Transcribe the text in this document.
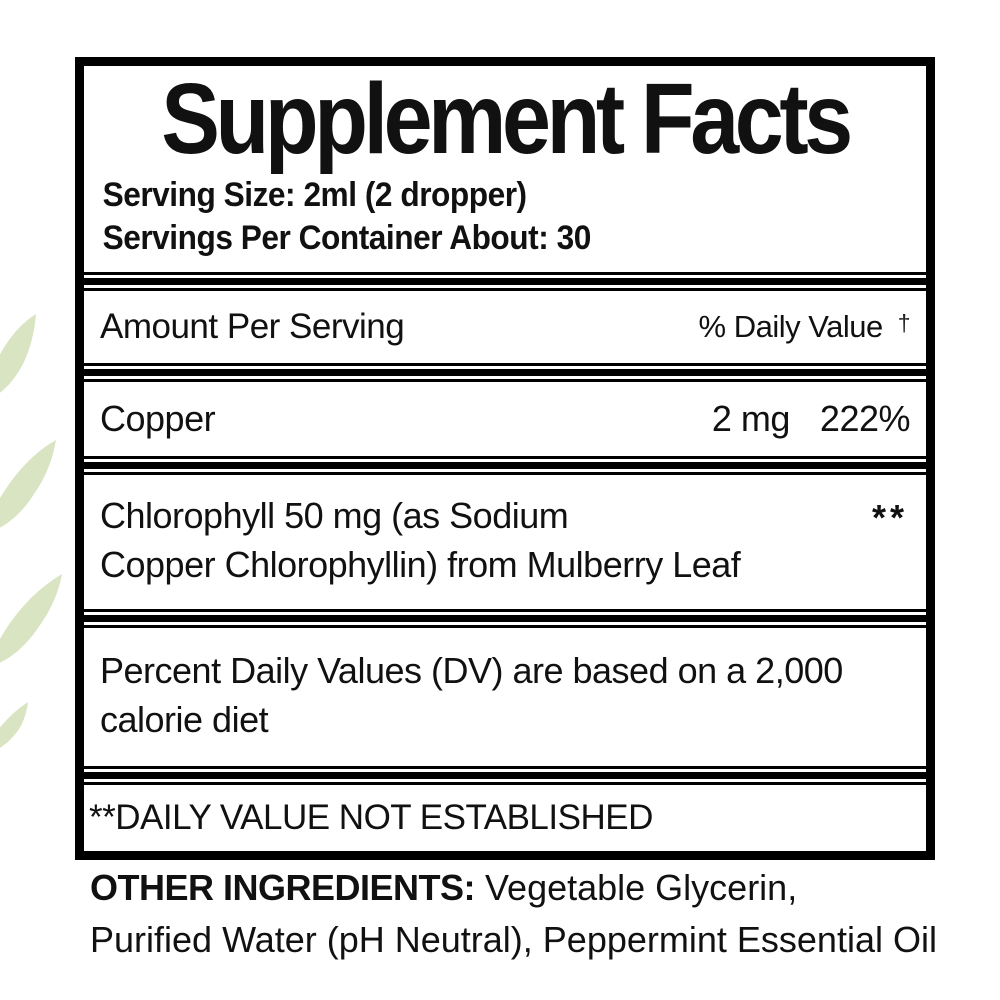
Supplement Facts
Serving Size: 2ml (2 dropper)
Servings Per Container About: 30
Amount Per Serving	% Daily Value †
Copper	2 mg 222%
Chlorophyll 50 mg (as Sodium
Copper Chlorophyllin) from Mulberry Leaf
**
Percent Daily Values (DV) are based on a 2,000
calorie diet
**DAILY VALUE NOT ESTABLISHED
OTHER INGREDIENTS: Vegetable Glycerin,
Purified Water (pH Neutral), Peppermint Essential Oil
